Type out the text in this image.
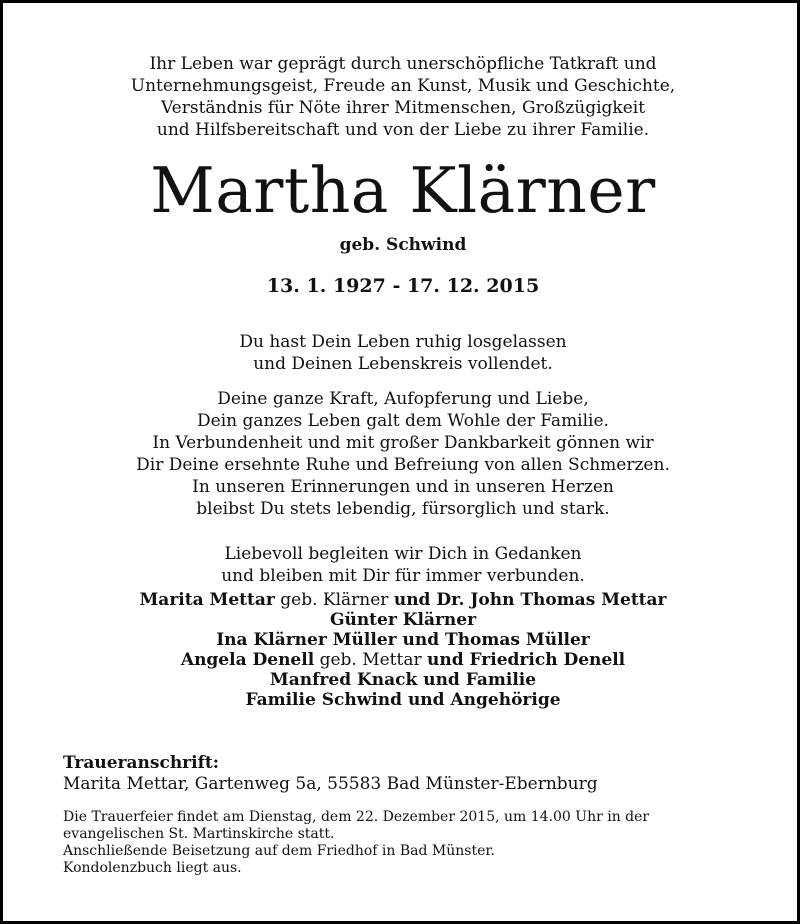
Ihr Leben war geprägt durch unerschöpfliche Tatkraft und
Unternehmungsgeist, Freude an Kunst, Musik und Geschichte,
Verständnis für Nöte ihrer Mitmenschen, Großzügigkeit
und Hilfsbereitschaft und von der Liebe zu ihrer Familie.
Martha Klärner
geb. Schwind
13. 1. 1927 - 17. 12. 2015
Du hast Dein Leben ruhig losgelassen
und Deinen Lebenskreis vollendet.
Deine ganze Kraft, Aufopferung und Liebe,
Dein ganzes Leben galt dem Wohle der Familie.
In Verbundenheit und mit großer Dankbarkeit gönnen wir
Dir Deine ersehnte Ruhe und Befreiung von allen Schmerzen.
In unseren Erinnerungen und in unseren Herzen
bleibst Du stets lebendig, fürsorglich und stark.
Liebevoll begleiten wir Dich in Gedanken
und bleiben mit Dir für immer verbunden.
Marita Mettar geb. Klärner und Dr. John Thomas Mettar
Günter Klärner
Ina Klärner Müller und Thomas Müller
Angela Denell geb. Mettar und Friedrich Denell
Manfred Knack und Familie
Familie Schwind und Angehörige
Traueranschrift:
Marita Mettar, Gartenweg 5a, 55583 Bad Münster-Ebernburg
Die Trauerfeier findet am Dienstag, dem 22. Dezember 2015, um 14.00 Uhr in der
evangelischen St. Martinskirche statt.
Anschließende Beisetzung auf dem Friedhof in Bad Münster.
Kondolenzbuch liegt aus.
